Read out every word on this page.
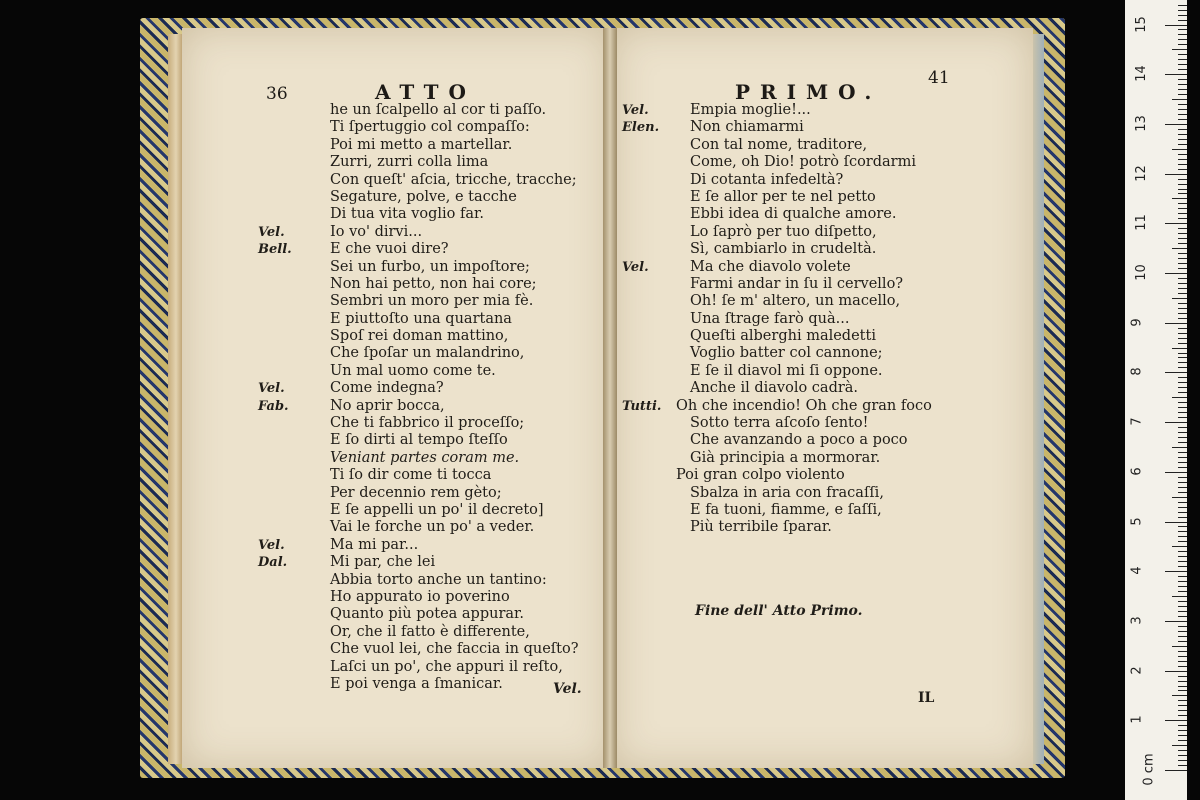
36	ATTO	PRIMO.
41
he un ſcalpello al cor ti paſſo.
Ti ſpertuggio col compaſſo:
Poi mi metto a martellar.
Zurri, zurri colla lima
Con queſt' aſcia, tricche, tracche;
Segature, polve, e tacche
Di tua vita voglio far.
Vel.	Io vo' dirvi...
Bell.	E che vuoi dire?
Sei un furbo, un impoſtore;
Non hai petto, non hai core;
Sembri un moro per mia fè.
E piuttoſto una quartana
Spoſ rei doman mattino,
Che ſpoſar un malandrino,
Un mal uomo come te.
Vel.	Come indegna?
Fab.	No aprir bocca,
Che ti fabbrico il proceſſo;
E ſo dirti al tempo ſteſſo
Veniant partes coram me.
Ti ſo dir come ti tocca
Per decennio rem gèto;
E ſe appelli un po' il decreto]
Vai le forche un po' a veder.
Vel.	Ma mi par...
Dal.	Mi par, che lei
Abbia torto anche un tantino:
Ho appurato io poverino
Quanto più potea appurar.
Or, che il fatto è differente,
Che vuol lei, che faccia in queſto?
Laſci un po', che appuri il reſto,
E poi venga a ſmanicar.
Vel.	Empia moglie!...
Elen. Non chiamarmi
Con tal nome, traditore,
Come, oh Dio! potrò ſcordarmi
Di cotanta infedeltà?
E ſe allor per te nel petto
Ebbi idea di qualche amore.
Lo ſaprò per tuo diſpetto,
Sì, cambiarlo in crudeltà.
Vel.	Ma che diavolo volete
Farmi andar in ſu il cervello?
Oh! ſe m' altero, un macello,
Una ſtrage farò quà...
Queſti alberghi maledetti
Voglio batter col cannone;
E ſe il diavol mi ſi oppone.
Anche il diavolo cadrà.
Tutti. Oh che incendio! Oh che gran foco
Sotto terra aſcoſo ſento!
Che avanzando a poco a poco
Già principia a mormorar.
Poi gran colpo violento
Sbalza in aria con fracaſſi,
E fa tuoni, fiamme, e ſaſſi,
Più terribile ſparar.
Vel.
Fine dell' Atto Primo.
IL
0 cm
1
2
3
4
5
6
7
8
9
10
11
12
13
14
15
